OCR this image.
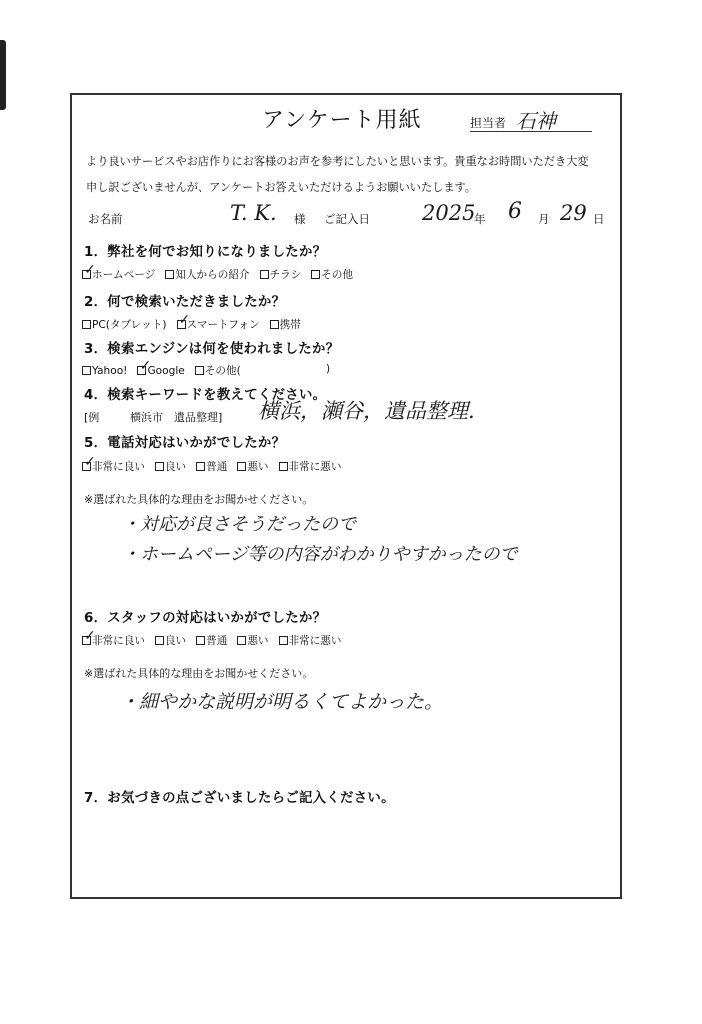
アンケート用紙	担当者 石神
より良いサービスやお店作りにお客様のお声を参考にしたいと思います。貴重なお時間いただき大変
申し訳ございませんが、アンケートお答えいただけるようお願いいたします。
お名前	T. K. 様 ご記入日 2025
年 6 月 29 日
1．弊社を何でお知りになりましたか？
✓
ホームページ 知人からの紹介 チラシ その他
2．何で検索いただきましたか？
PC(タブレット) ✓
スマートフォン 携帯
3．検索エンジンは何を使われましたか？
Yahoo! ✓
Google その他(	)
4．検索キーワードを教えてください。
[例	横浜市　遺品整理] 横浜，瀬谷，遺品整理.
5．電話対応はいかがでしたか？
✓
非常に良い 良い 普通 悪い 非常に悪い
※選ばれた具体的な理由をお聞かせください。
・対応が良さそうだったので
・ホームページ等の内容がわかりやすかったので
6．スタッフの対応はいかがでしたか？
✓
非常に良い 良い 普通 悪い 非常に悪い
※選ばれた具体的な理由をお聞かせください。
・細やかな説明が明るくてよかった。
7．お気づきの点ございましたらご記入ください。
